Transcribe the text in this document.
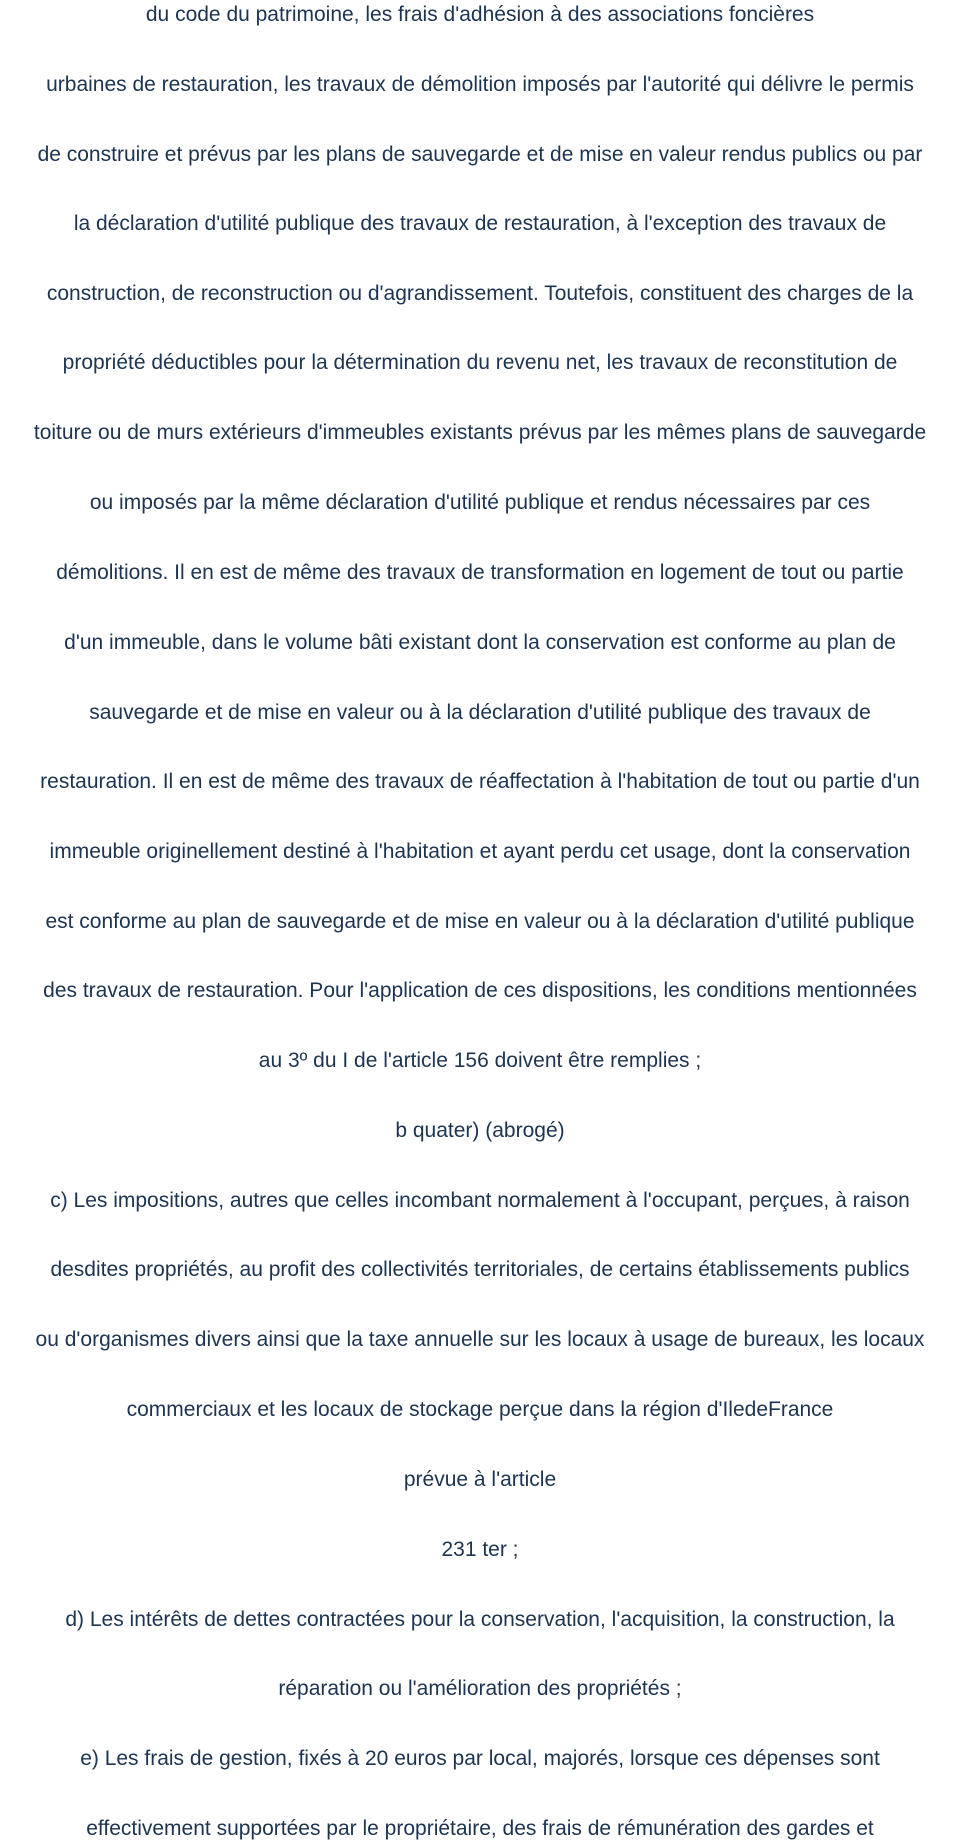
du code du patrimoine, les frais d'adhésion à des associations foncières
urbaines de restauration, les travaux de démolition imposés par l'autorité qui délivre le permis
de construire et prévus par les plans de sauvegarde et de mise en valeur rendus publics ou par
la déclaration d'utilité publique des travaux de restauration, à l'exception des travaux de
construction, de reconstruction ou d'agrandissement. Toutefois, constituent des charges de la
propriété déductibles pour la détermination du revenu net, les travaux de reconstitution de
toiture ou de murs extérieurs d'immeubles existants prévus par les mêmes plans de sauvegarde
ou imposés par la même déclaration d'utilité publique et rendus nécessaires par ces
démolitions. Il en est de même des travaux de transformation en logement de tout ou partie
d'un immeuble, dans le volume bâti existant dont la conservation est conforme au plan de
sauvegarde et de mise en valeur ou à la déclaration d'utilité publique des travaux de
restauration. Il en est de même des travaux de réaffectation à l'habitation de tout ou partie d'un
immeuble originellement destiné à l'habitation et ayant perdu cet usage, dont la conservation
est conforme au plan de sauvegarde et de mise en valeur ou à la déclaration d'utilité publique
des travaux de restauration. Pour l'application de ces dispositions, les conditions mentionnées
au 3º du I de l'article 156 doivent être remplies ;
b quater) (abrogé)
c) Les impositions, autres que celles incombant normalement à l'occupant, perçues, à raison
desdites propriétés, au profit des collectivités territoriales, de certains établissements publics
ou d'organismes divers ainsi que la taxe annuelle sur les locaux à usage de bureaux, les locaux
commerciaux et les locaux de stockage perçue dans la région d'IledeFrance
prévue à l'article
231 ter ;
d) Les intérêts de dettes contractées pour la conservation, l'acquisition, la construction, la
réparation ou l'amélioration des propriétés ;
e) Les frais de gestion, fixés à 20 euros par local, majorés, lorsque ces dépenses sont
effectivement supportées par le propriétaire, des frais de rémunération des gardes et
